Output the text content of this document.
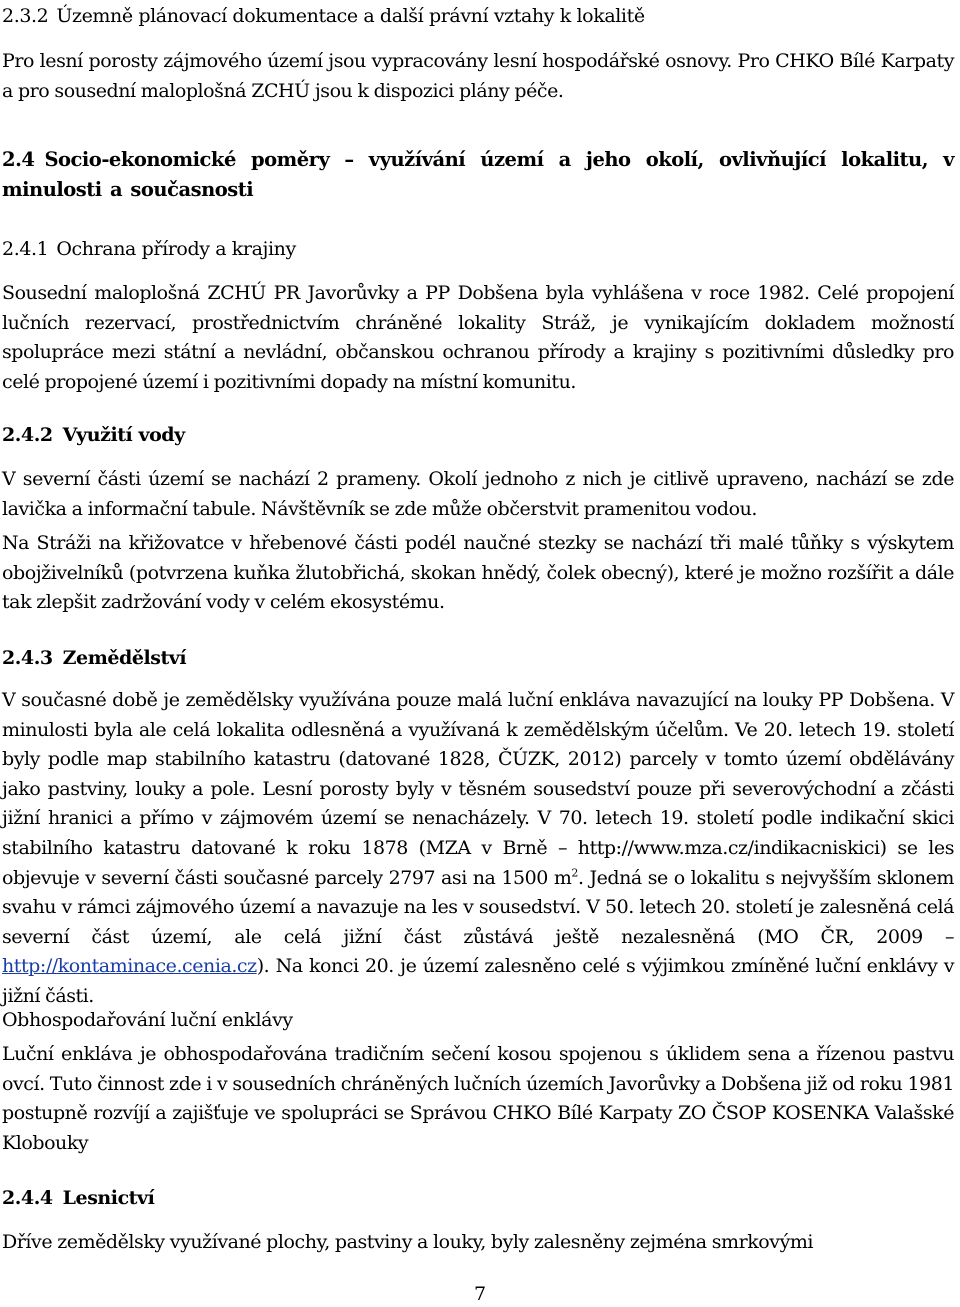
2.3.2 Územně plánovací dokumentace a další právní vztahy k lokalitě

Pro lesní porosty zájmového území jsou vypracovány lesní hospodářské osnovy. Pro CHKO Bílé Karpaty a pro sousední maloplošná ZCHÚ jsou k dispozici plány péče.

2.4 Socio-ekonomické poměry – využívání území a jeho okolí, ovlivňující lokalitu, v minulosti a současnosti
2.4.1 Ochrana přírody a krajiny

Sousední maloplošná ZCHÚ PR Javorůvky a PP Dobšena byla vyhlášena v roce 1982. Celé propojení lučních rezervací, prostřednictvím chráněné lokality Stráž, je vynikajícím dokladem možností spolupráce mezi státní a nevládní, občanskou ochranou přírody a krajiny s pozitivními důsledky pro celé propojené území i pozitivními dopady na místní komunitu.

2.4.2 Využití vody

V severní části území se nachází 2 prameny. Okolí jednoho z nich je citlivě upraveno, nachází se zde lavička a informační tabule. Návštěvník se zde může občerstvit pramenitou vodou.

Na Stráži na křižovatce v hřebenové části podél naučné stezky se nachází tři malé tůňky s výskytem obojživelníků (potvrzena kuňka žlutobřichá, skokan hnědý, čolek obecný), které je možno rozšířit a dále tak zlepšit zadržování vody v celém ekosystému.

2.4.3 Zemědělství

V současné době je zemědělsky využívána pouze malá luční enkláva navazující na louky PP Dobšena. V minulosti byla ale celá lokalita odlesněná a využívaná k zemědělským účelům. Ve 20. letech 19. století byly podle map stabilního katastru (datované 1828, ČÚZK, 2012) parcely v tomto území obdělávány jako pastviny, louky a pole. Lesní porosty byly v těsném sousedství pouze při severovýchodní a zčásti jižní hranici a přímo v zájmovém území se nenacházely. V 70. letech 19. století podle indikační skici stabilního katastru datované k roku 1878 (MZA v Brně – http://www.mza.cz/indikacniskici) se les objevuje v severní části současné parcely 2797 asi na 1500 $m^2$. Jedná se o lokalitu s nejvyšším sklonem svahu v rámci zájmového území a navazuje na les v sousedství. V 50. letech 20. století je zalesněná celá severní část území, ale celá jižní část zůstává ještě nezalesněná (MO ČR, 2009 – http://kontaminace.cenia.cz). Na konci 20. je území zalesněno celé s výjimkou zmíněné luční enklávy v jižní části.

Obhospodařování luční enklávy

Luční enkláva je obhospodařována tradičním sečení kosou spojenou s úklidem sena a řízenou pastvu ovcí. Tuto činnost zde i v sousedních chráněných lučních územích Javorůvky a Dobšena již od roku 1981 postupně rozvíjí a zajišťuje ve spolupráci se Správou CHKO Bílé Karpaty ZO ČSOP KOSENKA Valašské Klobouky

2.4.4 Lesnictví

Dříve zemědělsky využívané plochy, pastviny a louky, byly zalesněny zejména smrkovými

7
